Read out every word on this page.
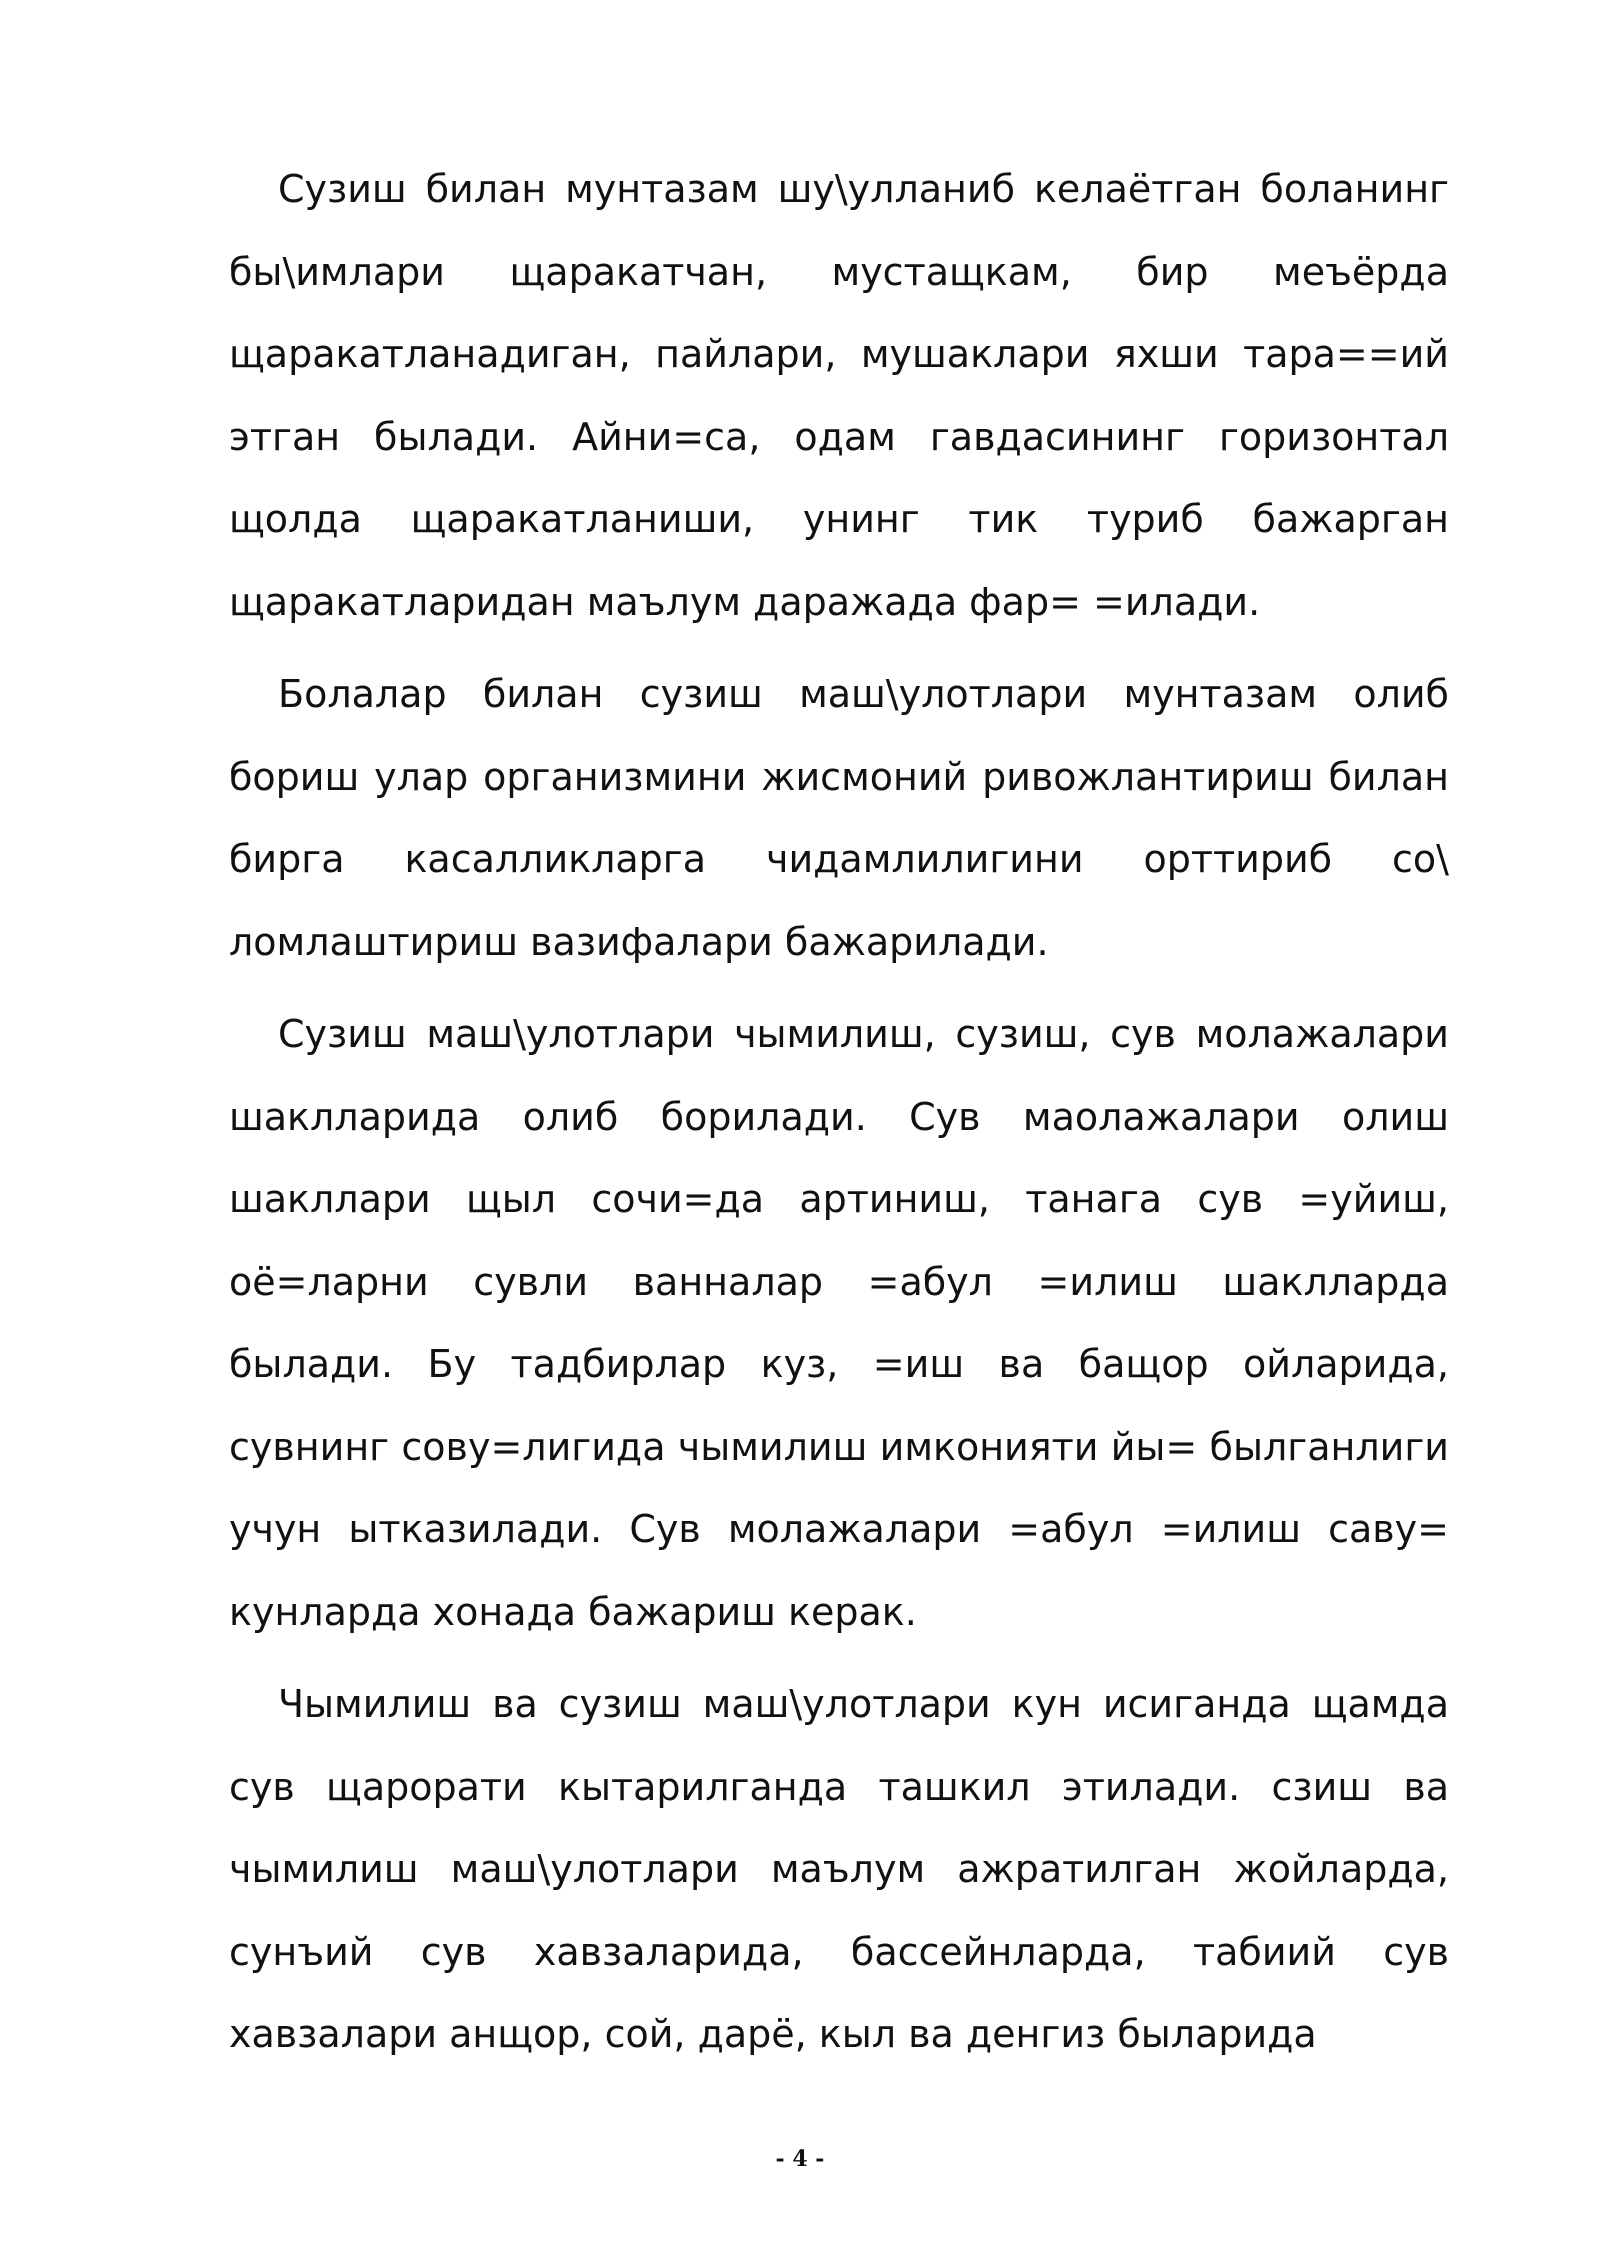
Сузиш билан мунтазам шу\улланиб келаётган боланинг бы\имлари щаракатчан, мустащкам, бир меъёрда щаракатланадиган, пайлари, мушаклари яхши тара==ий этган былади. Айни=са, одам гавдасининг горизонтал щолда щаракатланиши, унинг тик туриб бажарган щаракатларидан маълум даражада фар= =илади.

Болалар билан сузиш маш\улотлари мунтазам олиб бориш улар организмини жисмоний ривожлантириш билан бирга касалликларга чидамлилигини орттириб со\ ломлаштириш вазифалари бажарилади.

Сузиш маш\улотлари чымилиш, сузиш, сув молажалари шаклларида олиб борилади. Сув маолажалари олиш шакллари щыл сочи=да артиниш, танага сув =уйиш, оё=ларни сувли ванналар =абул =илиш шаклларда былади. Бу тадбирлар куз, =иш ва бащор ойларида, сувнинг сову=лигида чымилиш имконияти йы= былганлиги учун ытказилади. Сув молажалари =абул =илиш саву= кунларда хонада бажариш керак.

Чымилиш ва сузиш маш\улотлари кун исиганда щамда сув щарорати кытарилганда ташкил этилади. сзиш ва чымилиш маш\улотлари маълум ажратилган жойларда, сунъий сув хавзаларида, бассейнларда, табиий сув хавзалари анщор, сой, дарё, кыл ва денгиз быларида

- 4 -
